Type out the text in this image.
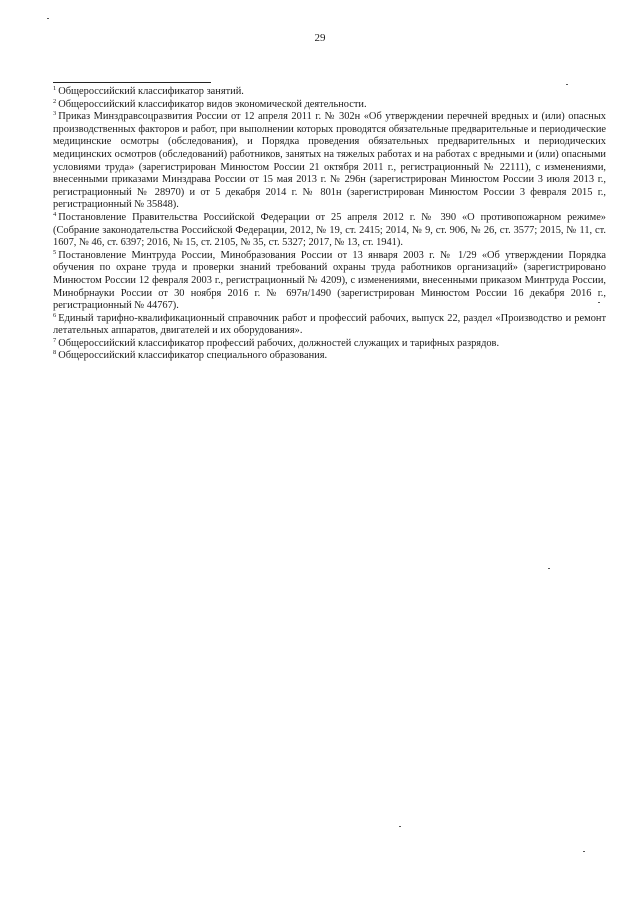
29

$^1$ Общероссийский классификатор занятий.

$^2$ Общероссийский классификатор видов экономической деятельности.

$^3$ Приказ Минздравсоцразвития России от 12 апреля 2011 г. № 302н «Об утверждении перечней вредных и (или) опасных производственных факторов и работ, при выполнении которых проводятся обязательные предварительные и периодические медицинские осмотры (обследования), и Порядка проведения обязательных предварительных и периодических медицинских осмотров (обследований) работников, занятых на тяжелых работах и на работах с вредными и (или) опасными условиями труда» (зарегистрирован Минюстом России 21 октября 2011 г., регистрационный № 22111), с изменениями, внесенными приказами Минздрава России от 15 мая 2013 г. № 296н (зарегистрирован Минюстом России 3 июля 2013 г., регистрационный № 28970) и от 5 декабря 2014 г. № 801н (зарегистрирован Минюстом России 3 февраля 2015 г., регистрационный № 35848).

$^4$ Постановление Правительства Российской Федерации от 25 апреля 2012 г. № 390 «О противопожарном режиме» (Собрание законодательства Российской Федерации, 2012, № 19, ст. 2415; 2014, № 9, ст. 906, № 26, ст. 3577; 2015, № 11, ст. 1607, № 46, ст. 6397; 2016, № 15, ст. 2105, № 35, ст. 5327; 2017, № 13, ст. 1941).

$^5$ Постановление Минтруда России, Минобразования России от 13 января 2003 г. № 1/29 «Об утверждении Порядка обучения по охране труда и проверки знаний требований охраны труда работников организаций» (зарегистрировано Минюстом России 12 февраля 2003 г., регистрационный № 4209), с изменениями, внесенными приказом Минтруда России, Минобрнауки России от 30 ноября 2016 г. № 697н/1490 (зарегистрирован Минюстом России 16 декабря 2016 г., регистрационный № 44767).

$^6$ Единый тарифно-квалификационный справочник работ и профессий рабочих, выпуск 22, раздел «Производство и ремонт летательных аппаратов, двигателей и их оборудования».

$^7$ Общероссийский классификатор профессий рабочих, должностей служащих и тарифных разрядов.

$^8$ Общероссийский классификатор специального образования.
